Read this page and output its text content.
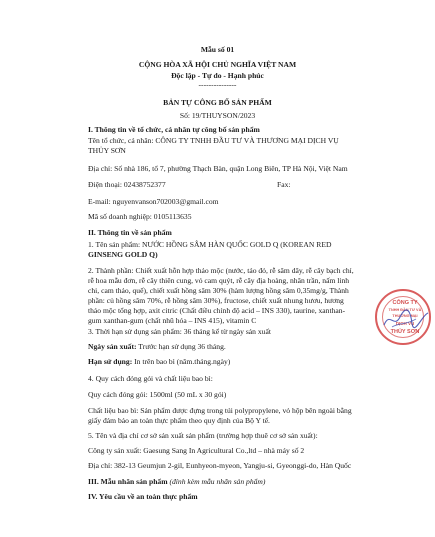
Mẫu số 01
CỘNG HÒA XÃ HỘI CHỦ NGHĨA VIỆT NAM
Độc lập - Tự do - Hạnh phúc
---------------
BẢN TỰ CÔNG BỐ SẢN PHẨM
Số: 19/THUYSON/2023
I. Thông tin về tổ chức, cá nhân tự công bố sản phẩm
Tên tổ chức, cá nhân: CÔNG TY TNHH ĐẦU TƯ VÀ THƯƠNG MẠI DỊCH VỤ
THỦY SƠN
Địa chỉ: Số nhà 186, tổ 7, phường Thạch Bàn, quận Long Biên, TP Hà Nội, Việt Nam
Điện thoại: 02438752377	Fax:
E-mail: nguyenvanson702003@gmail.com
Mã số doanh nghiệp: 0105113635
II. Thông tin về sản phẩm
1. Tên sản phẩm: NƯỚC HỒNG SÂM HÀN QUỐC GOLD Q (KOREAN RED
GINSENG GOLD Q)
2. Thành phần: Chiết xuất hỗn hợp thảo mộc (nước, táo đỏ, rễ sâm dây, rễ cây bạch chỉ,
rễ hoa mẫu đơn, rễ cây thiên cung, vỏ cam quýt, rễ cây địa hoàng, nhân trần, nấm linh
chi, cam thảo, quế), chiết xuất hồng sâm 30% (hàm lượng hồng sâm 0,35mg/g, Thành
phần: củ hồng sâm 70%, rễ hồng sâm 30%), fructose, chiết xuất nhung hươu, hương
thảo mộc tổng hợp, axit citric (Chất điều chỉnh độ acid – INS 330), taurine, xanthan-
gum xanthan-gum (chất nhũ hóa – INS 415), vitamin C
3. Thời hạn sử dụng sản phẩm: 36 tháng kể từ ngày sản xuất
Ngày sản xuất: Trước hạn sử dụng 36 tháng.
Hạn sử dụng: In trên bao bì (năm.tháng.ngày)
4. Quy cách đóng gói và chất liệu bao bì:
Quy cách đóng gói: 1500ml (50 mL x 30 gói)
Chất liệu bao bì: Sản phẩm được đựng trong túi polypropylene, vỏ hộp bên ngoài bằng
giấy đảm bảo an toàn thực phẩm theo quy định của Bộ Y tế.
5. Tên và địa chỉ cơ sở sản xuất sản phẩm (trường hợp thuê cơ sở sản xuất):
Công ty sản xuất: Gaesung Sang In Agricultural Co.,ltd – nhà máy số 2
Địa chỉ: 382-13 Geumjun 2-gil, Eunhyeon-myeon, Yangju-si, Gyeonggi-do, Hàn Quốc
III. Mẫu nhãn sản phẩm (đính kèm mẫu nhãn sản phẩm)
IV. Yêu cầu về an toàn thực phẩm
CÔNG TY
TNHH ĐẦU TƯ VÀ
THƯƠNG MẠI
DỊCH VỤ
THỦY SƠN
